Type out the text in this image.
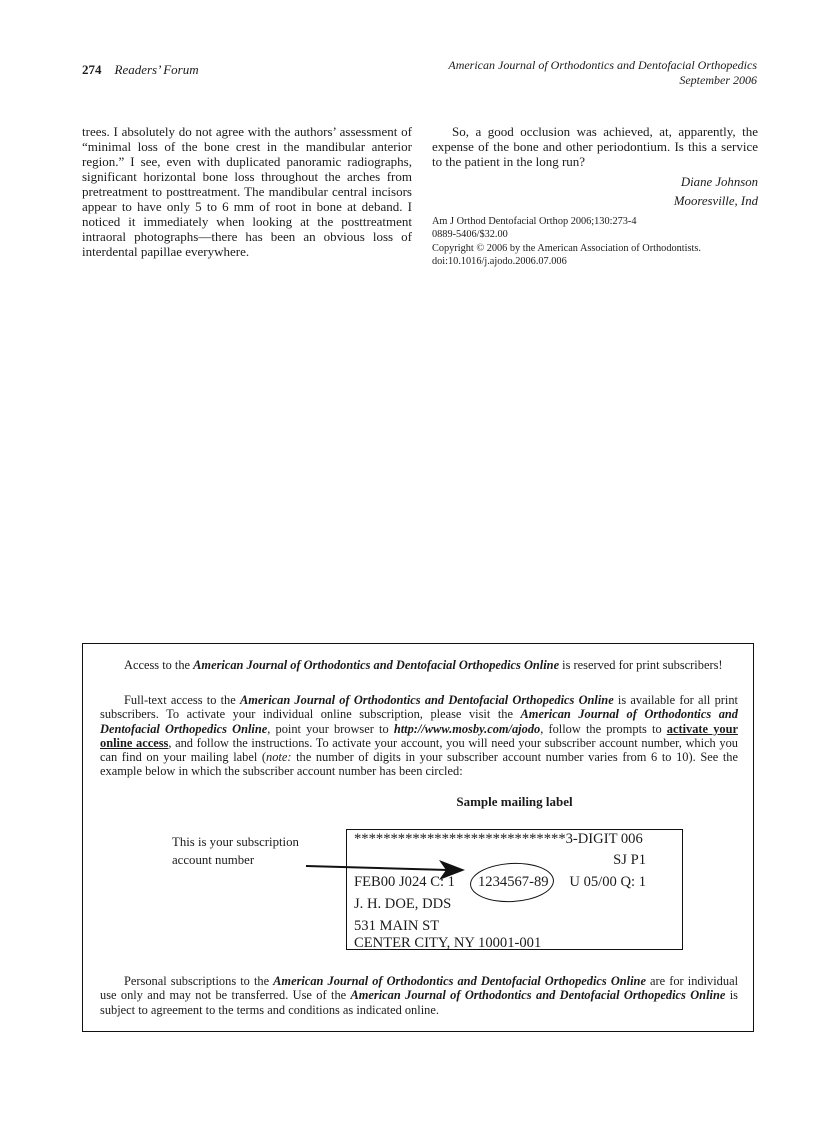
274 Readers’ Forum	American Journal of Orthodontics and Dentofacial Orthopedics
September 2006

trees. I absolutely do not agree with the authors’ assessment of “minimal loss of the bone crest in the mandibular anterior region.” I see, even with duplicated panoramic radiographs, significant horizontal bone loss throughout the arches from pretreatment to posttreatment. The mandibular central incisors appear to have only 5 to 6 mm of root in bone at deband. I noticed it immediately when looking at the posttreatment intraoral photographs—there has been an obvious loss of interdental papillae everywhere.

So, a good occlusion was achieved, at, apparently, the expense of the bone and other periodontium. Is this a service to the patient in the long run?

Diane Johnson
Mooresville, Ind
Am J Orthod Dentofacial Orthop 2006;130:273-4
0889-5406/$32.00
Copyright © 2006 by the American Association of Orthodontists.
doi:10.1016/j.ajodo.2006.07.006

Access to the American Journal of Orthodontics and Dentofacial Orthopedics Online is reserved for print subscribers!

Full-text access to the American Journal of Orthodontics and Dentofacial Orthopedics Online is available for all print subscribers. To activate your individual online subscription, please visit the American Journal of Orthodontics and Dentofacial Orthopedics Online, point your browser to http://www.mosby.com/ajodo, follow the prompts to activate your online access, and follow the instructions. To activate your account, you will need your subscriber account number, which you can find on your mailing label (note: the number of digits in your subscriber account number varies from 6 to 10). See the example below in which the subscriber account number has been circled:

Sample mailing label
This is your subscription account number
*****************************3-DIGIT 006
SJ P1
FEB00 J024 C: 1 1234567-89 U 05/00 Q: 1
J. H. DOE, DDS
531 MAIN ST
CENTER CITY, NY 10001-001

Personal subscriptions to the American Journal of Orthodontics and Dentofacial Orthopedics Online are for individual use only and may not be transferred. Use of the American Journal of Orthodontics and Dentofacial Orthopedics Online is subject to agreement to the terms and conditions as indicated online.
